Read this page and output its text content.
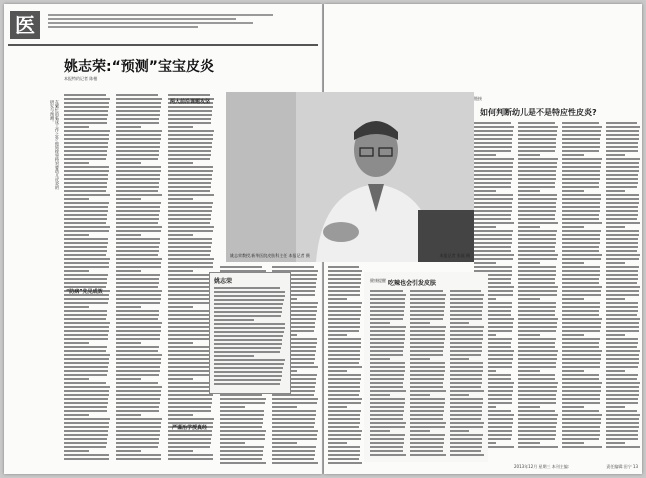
医
姚志荣:“预测”宝宝皮炎
本报特约记者 陈楷
在繁忙的临床工作之外,他始终坚持对婴幼儿皮炎的研究与预测。
“防病”先见成效
两大前沿课题攻坚
姚志荣
严谨治学授真经
姚志荣教授,新华医院皮肤科主任 本报记者 摄	本报记者 张磊 摄
链接
如何判断幼儿是不是特应性皮炎?
健康提醒 吃辣也会引发皮肤
2013年12月 星期三 本刊主编:	责任编辑:田宁 13
